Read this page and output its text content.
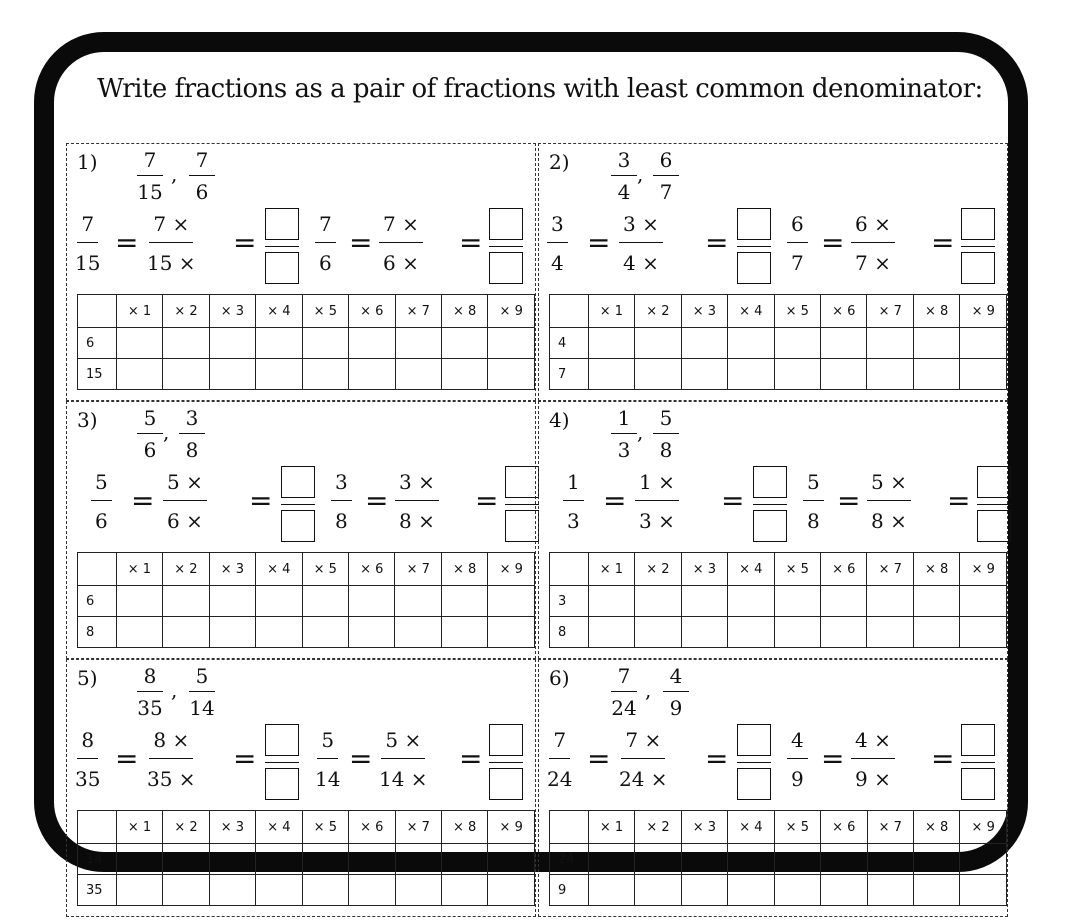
Write fractions as a pair of fractions with least common denominator:
$1) \frac{7}{15}$ , $\frac{7}{6}$
$\frac{7}{15} = \frac{7 \times}{15 \times}$ =	$\frac{7}{6} = \frac{7 \times}{6 \times}$ =
	× 1	× 2	× 3	× 4	× 5	× 6	× 7	× 8	× 9
6									
15									
$2) \frac{3}{4}$ , $\frac{6}{7}$
$\frac{3}{4} = \frac{3 \times}{4 \times}$ =	$\frac{6}{7} = \frac{6 \times}{7 \times}$ =
	× 1	× 2	× 3	× 4	× 5	× 6	× 7	× 8	× 9
4									
7									
$3) \frac{5}{6}$ , $\frac{3}{8}$
$\frac{5}{6} = \frac{5 \times}{6 \times}$ =	$\frac{3}{8} = \frac{3 \times}{8 \times}$ =
	× 1	× 2	× 3	× 4	× 5	× 6	× 7	× 8	× 9
6									
8									
$4) \frac{1}{3}$ , $\frac{5}{8}$
$\frac{1}{3} = \frac{1 \times}{3 \times}$ =	$\frac{5}{8} = \frac{5 \times}{8 \times}$ =
	× 1	× 2	× 3	× 4	× 5	× 6	× 7	× 8	× 9
3									
8									
$5) \frac{8}{35}$ , $\frac{5}{14}$
$\frac{8}{35} = \frac{8 \times}{35 \times}$ =	$\frac{5}{14} = \frac{5 \times}{14 \times}$ =
	× 1	× 2	× 3	× 4	× 5	× 6	× 7	× 8	× 9
14									
35									
$6) \frac{7}{24}$ , $\frac{4}{9}$
$\frac{7}{24} = \frac{7 \times}{24 \times}$ =	$\frac{4}{9} = \frac{4 \times}{9 \times}$ =
	× 1	× 2	× 3	× 4	× 5	× 6	× 7	× 8	× 9
24									
9									
